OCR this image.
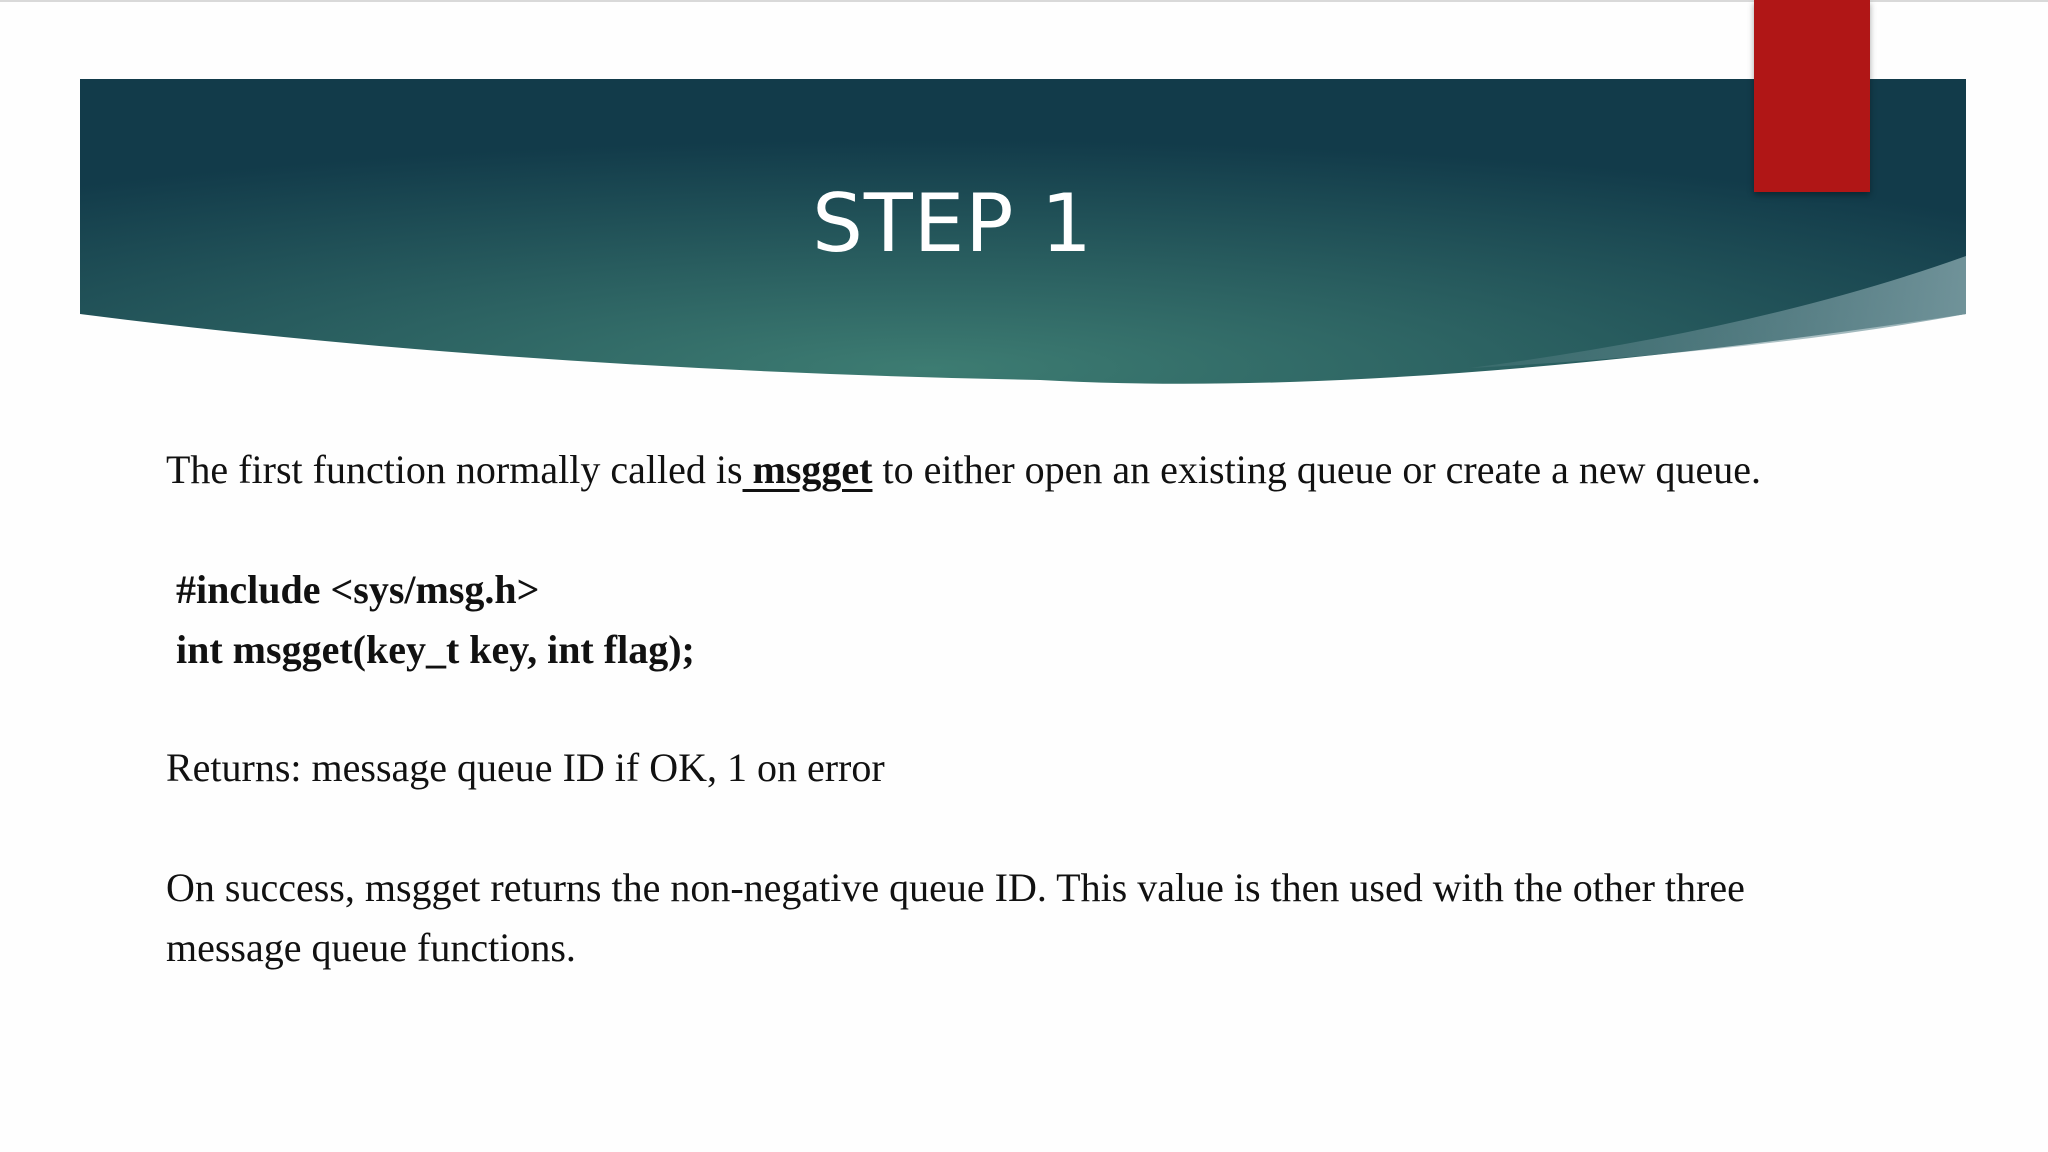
STEP 1
The first function normally called is msgget to either open an existing queue or create a new queue.
#include <sys/msg.h>
int msgget(key_t key, int flag);
Returns: message queue ID if OK, 1 on error
On success, msgget returns the non-negative queue ID. This value is then used with the other three
message queue functions.
